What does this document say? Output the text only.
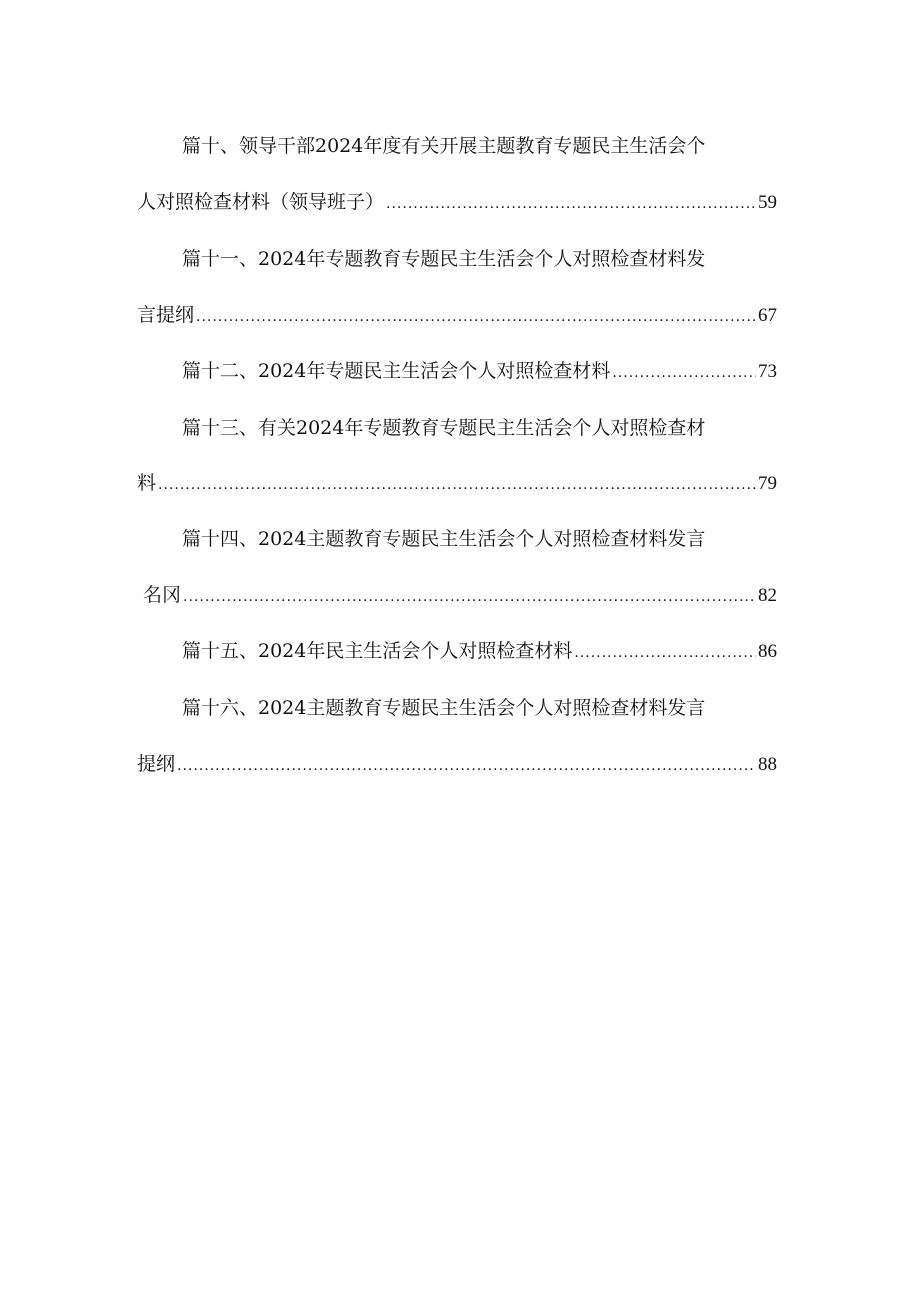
篇十、领导干部2024年度有关开展主题教育专题民主生活会个
人对照检查材料（领导班子） .....	59
篇十一、2024年专题教育专题民主生活会个人对照检查材料发
言提纲 .....	67
篇十二、2024年专题民主生活会个人对照检查材料 .....	73
篇十三、有关2024年专题教育专题民主生活会个人对照检查材
料 .....	79
篇十四、2024主题教育专题民主生活会个人对照检查材料发言
名冈 .....	82
篇十五、2024年民主生活会个人对照检查材料 .....	86
篇十六、2024主题教育专题民主生活会个人对照检查材料发言
提纲 .....	88
